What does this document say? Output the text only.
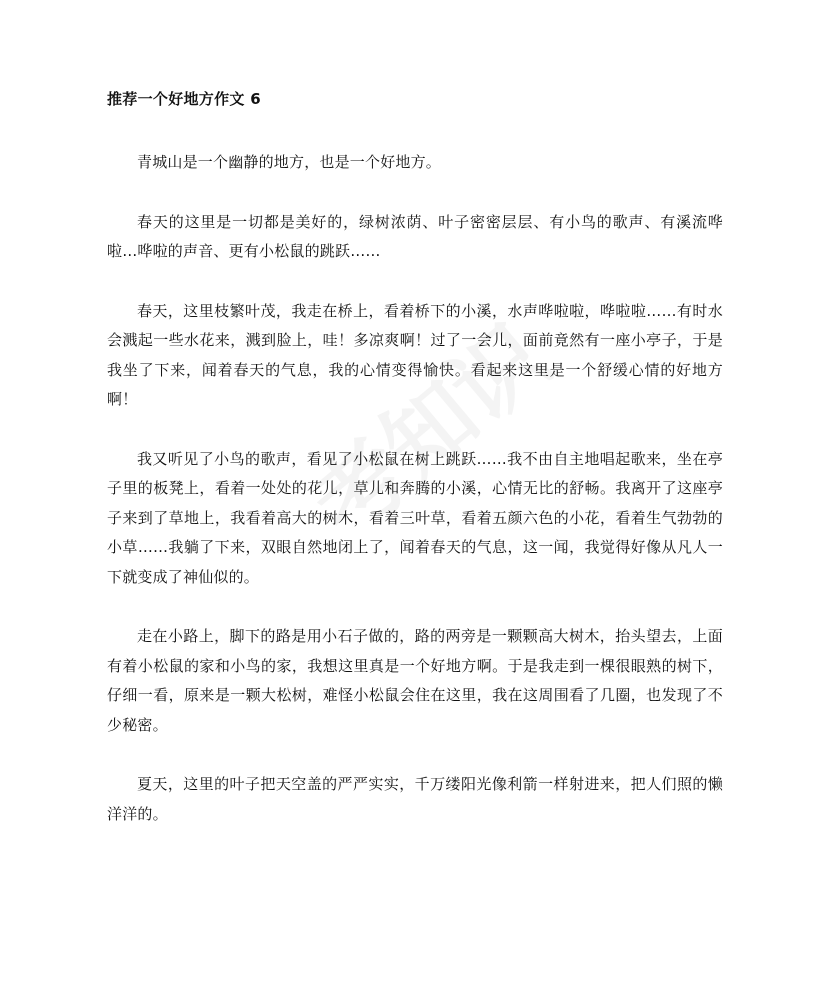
推荐一个好地方作文 6

青城山是一个幽静的地方，也是一个好地方。

春天的这里是一切都是美好的，绿树浓荫、叶子密密层层、有小鸟的歌声、有溪流哗啦…哗啦的声音、更有小松鼠的跳跃……

春天，这里枝繁叶茂，我走在桥上，看着桥下的小溪，水声哗啦啦，哗啦啦……有时水会溅起一些水花来，溅到脸上，哇！多凉爽啊！过了一会儿，面前竟然有一座小亭子，于是我坐了下来，闻着春天的气息，我的心情变得愉快。看起来这里是一个舒缓心情的好地方啊！

我又听见了小鸟的歌声，看见了小松鼠在树上跳跃……我不由自主地唱起歌来，坐在亭子里的板凳上，看着一处处的花儿，草儿和奔腾的小溪，心情无比的舒畅。我离开了这座亭子来到了草地上，我看着高大的树木，看着三叶草，看着五颜六色的小花，看着生气勃勃的小草……我躺了下来，双眼自然地闭上了，闻着春天的气息，这一闻，我觉得好像从凡人一下就变成了神仙似的。

走在小路上，脚下的路是用小石子做的，路的两旁是一颗颗高大树木，抬头望去，上面有着小松鼠的家和小鸟的家，我想这里真是一个好地方啊。于是我走到一棵很眼熟的树下，仔细一看，原来是一颗大松树，难怪小松鼠会住在这里，我在这周围看了几圈，也发现了不少秘密。

夏天，这里的叶子把天空盖的严严实实，千万缕阳光像利箭一样射进来，把人们照的懒洋洋的。
